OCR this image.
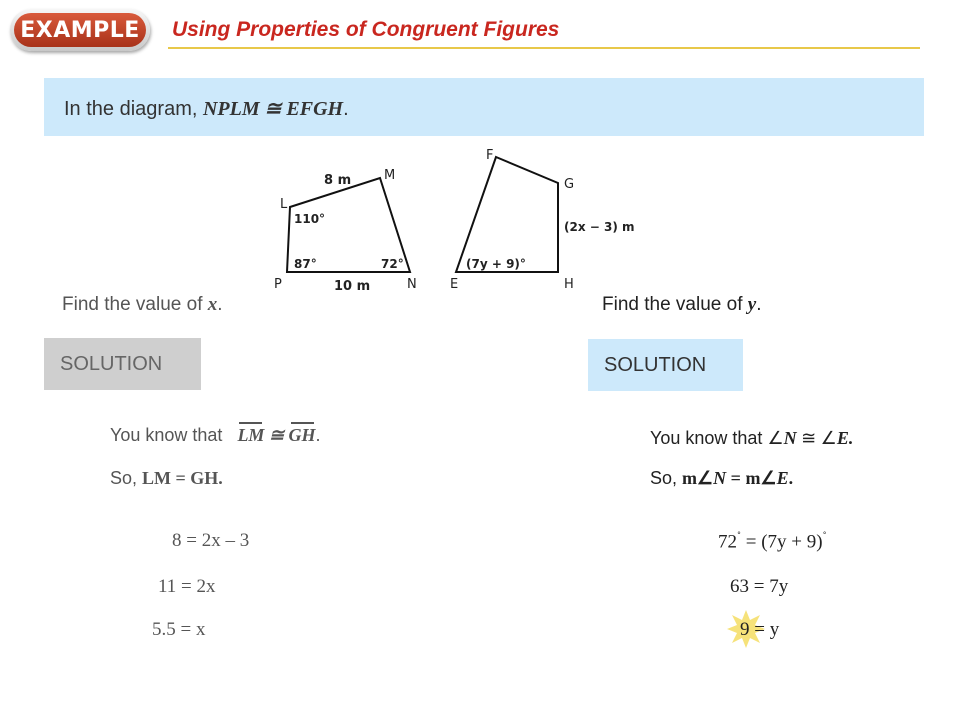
EXAMPLE Using Properties of Congruent Figures
In the diagram, NPLM ≅ EFGH.
L
M
N
P
8 m
10 m
110°
87°	72°
F
G
H
E
(2x − 3) m
(7y + 9)°
Find the value of x.
SOLUTION
You know that LM ≅ GH.
So, LM = GH.
8 = 2x – 3
11 = 2x
5.5 = x
Find the value of y.
SOLUTION
You know that ∠N ≅ ∠E.
So, m∠N = m∠E.
72˚ = (7y + 9)˚
63 = 7y
9 = y
